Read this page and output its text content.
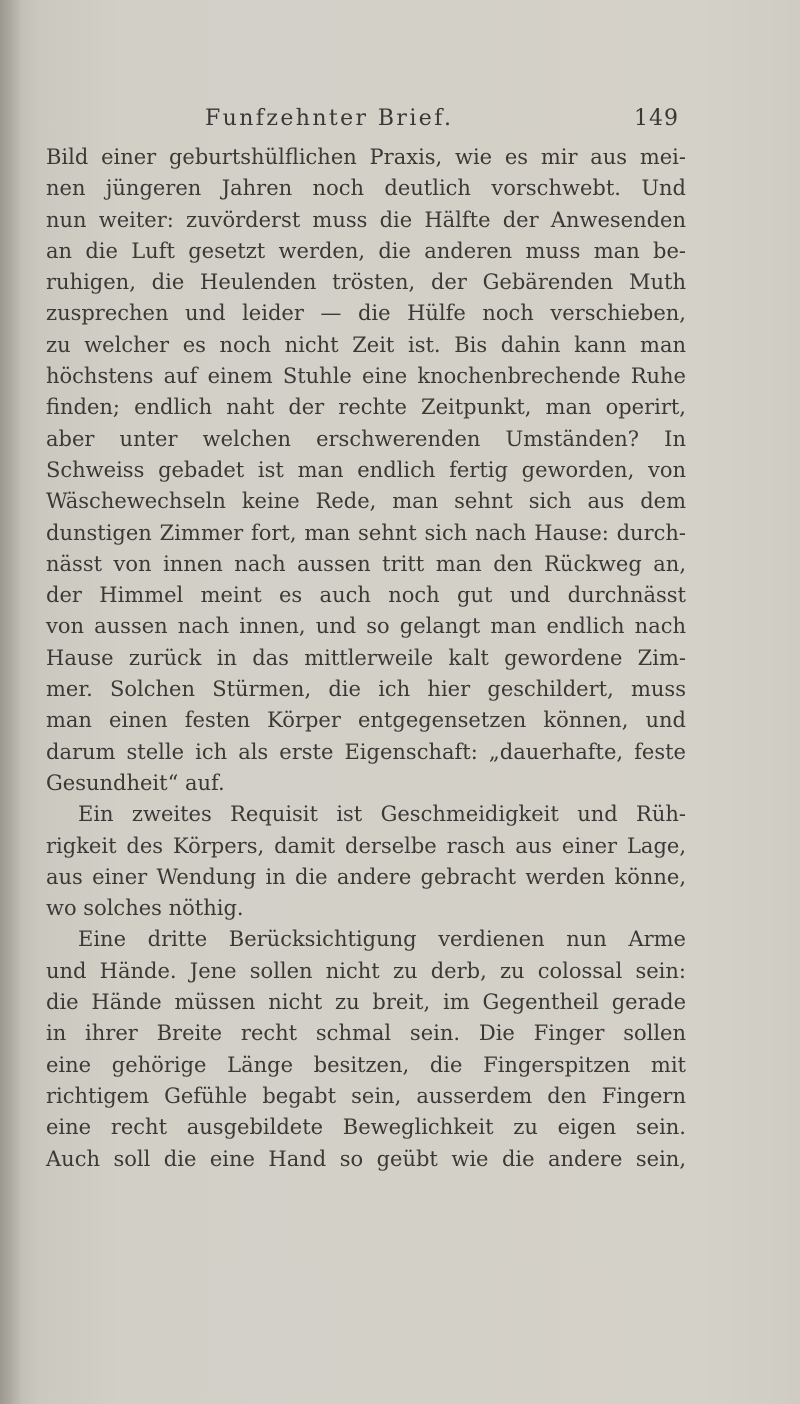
Funfzehnter Brief.	149
Bild einer geburtshülflichen Praxis, wie es mir aus mei-
nen jüngeren Jahren noch deutlich vorschwebt. Und
nun weiter: zuvörderst muss die Hälfte der Anwesenden
an die Luft gesetzt werden, die anderen muss man be-
ruhigen, die Heulenden trösten, der Gebärenden Muth
zusprechen und leider — die Hülfe noch verschieben,
zu welcher es noch nicht Zeit ist. Bis dahin kann man
höchstens auf einem Stuhle eine knochenbrechende Ruhe
finden; endlich naht der rechte Zeitpunkt, man operirt,
aber unter welchen erschwerenden Umständen? In
Schweiss gebadet ist man endlich fertig geworden, von
Wäschewechseln keine Rede, man sehnt sich aus dem
dunstigen Zimmer fort, man sehnt sich nach Hause: durch-
nässt von innen nach aussen tritt man den Rückweg an,
der Himmel meint es auch noch gut und durchnässt
von aussen nach innen, und so gelangt man endlich nach
Hause zurück in das mittlerweile kalt gewordene Zim-
mer. Solchen Stürmen, die ich hier geschildert, muss
man einen festen Körper entgegensetzen können, und
darum stelle ich als erste Eigenschaft: „dauerhafte, feste
Gesundheit“ auf.
Ein zweites Requisit ist Geschmeidigkeit und Rüh-
rigkeit des Körpers, damit derselbe rasch aus einer Lage,
aus einer Wendung in die andere gebracht werden könne,
wo solches nöthig.
Eine dritte Berücksichtigung verdienen nun Arme
und Hände. Jene sollen nicht zu derb, zu colossal sein:
die Hände müssen nicht zu breit, im Gegentheil gerade
in ihrer Breite recht schmal sein. Die Finger sollen
eine gehörige Länge besitzen, die Fingerspitzen mit
richtigem Gefühle begabt sein, ausserdem den Fingern
eine recht ausgebildete Beweglichkeit zu eigen sein.
Auch soll die eine Hand so geübt wie die andere sein,
